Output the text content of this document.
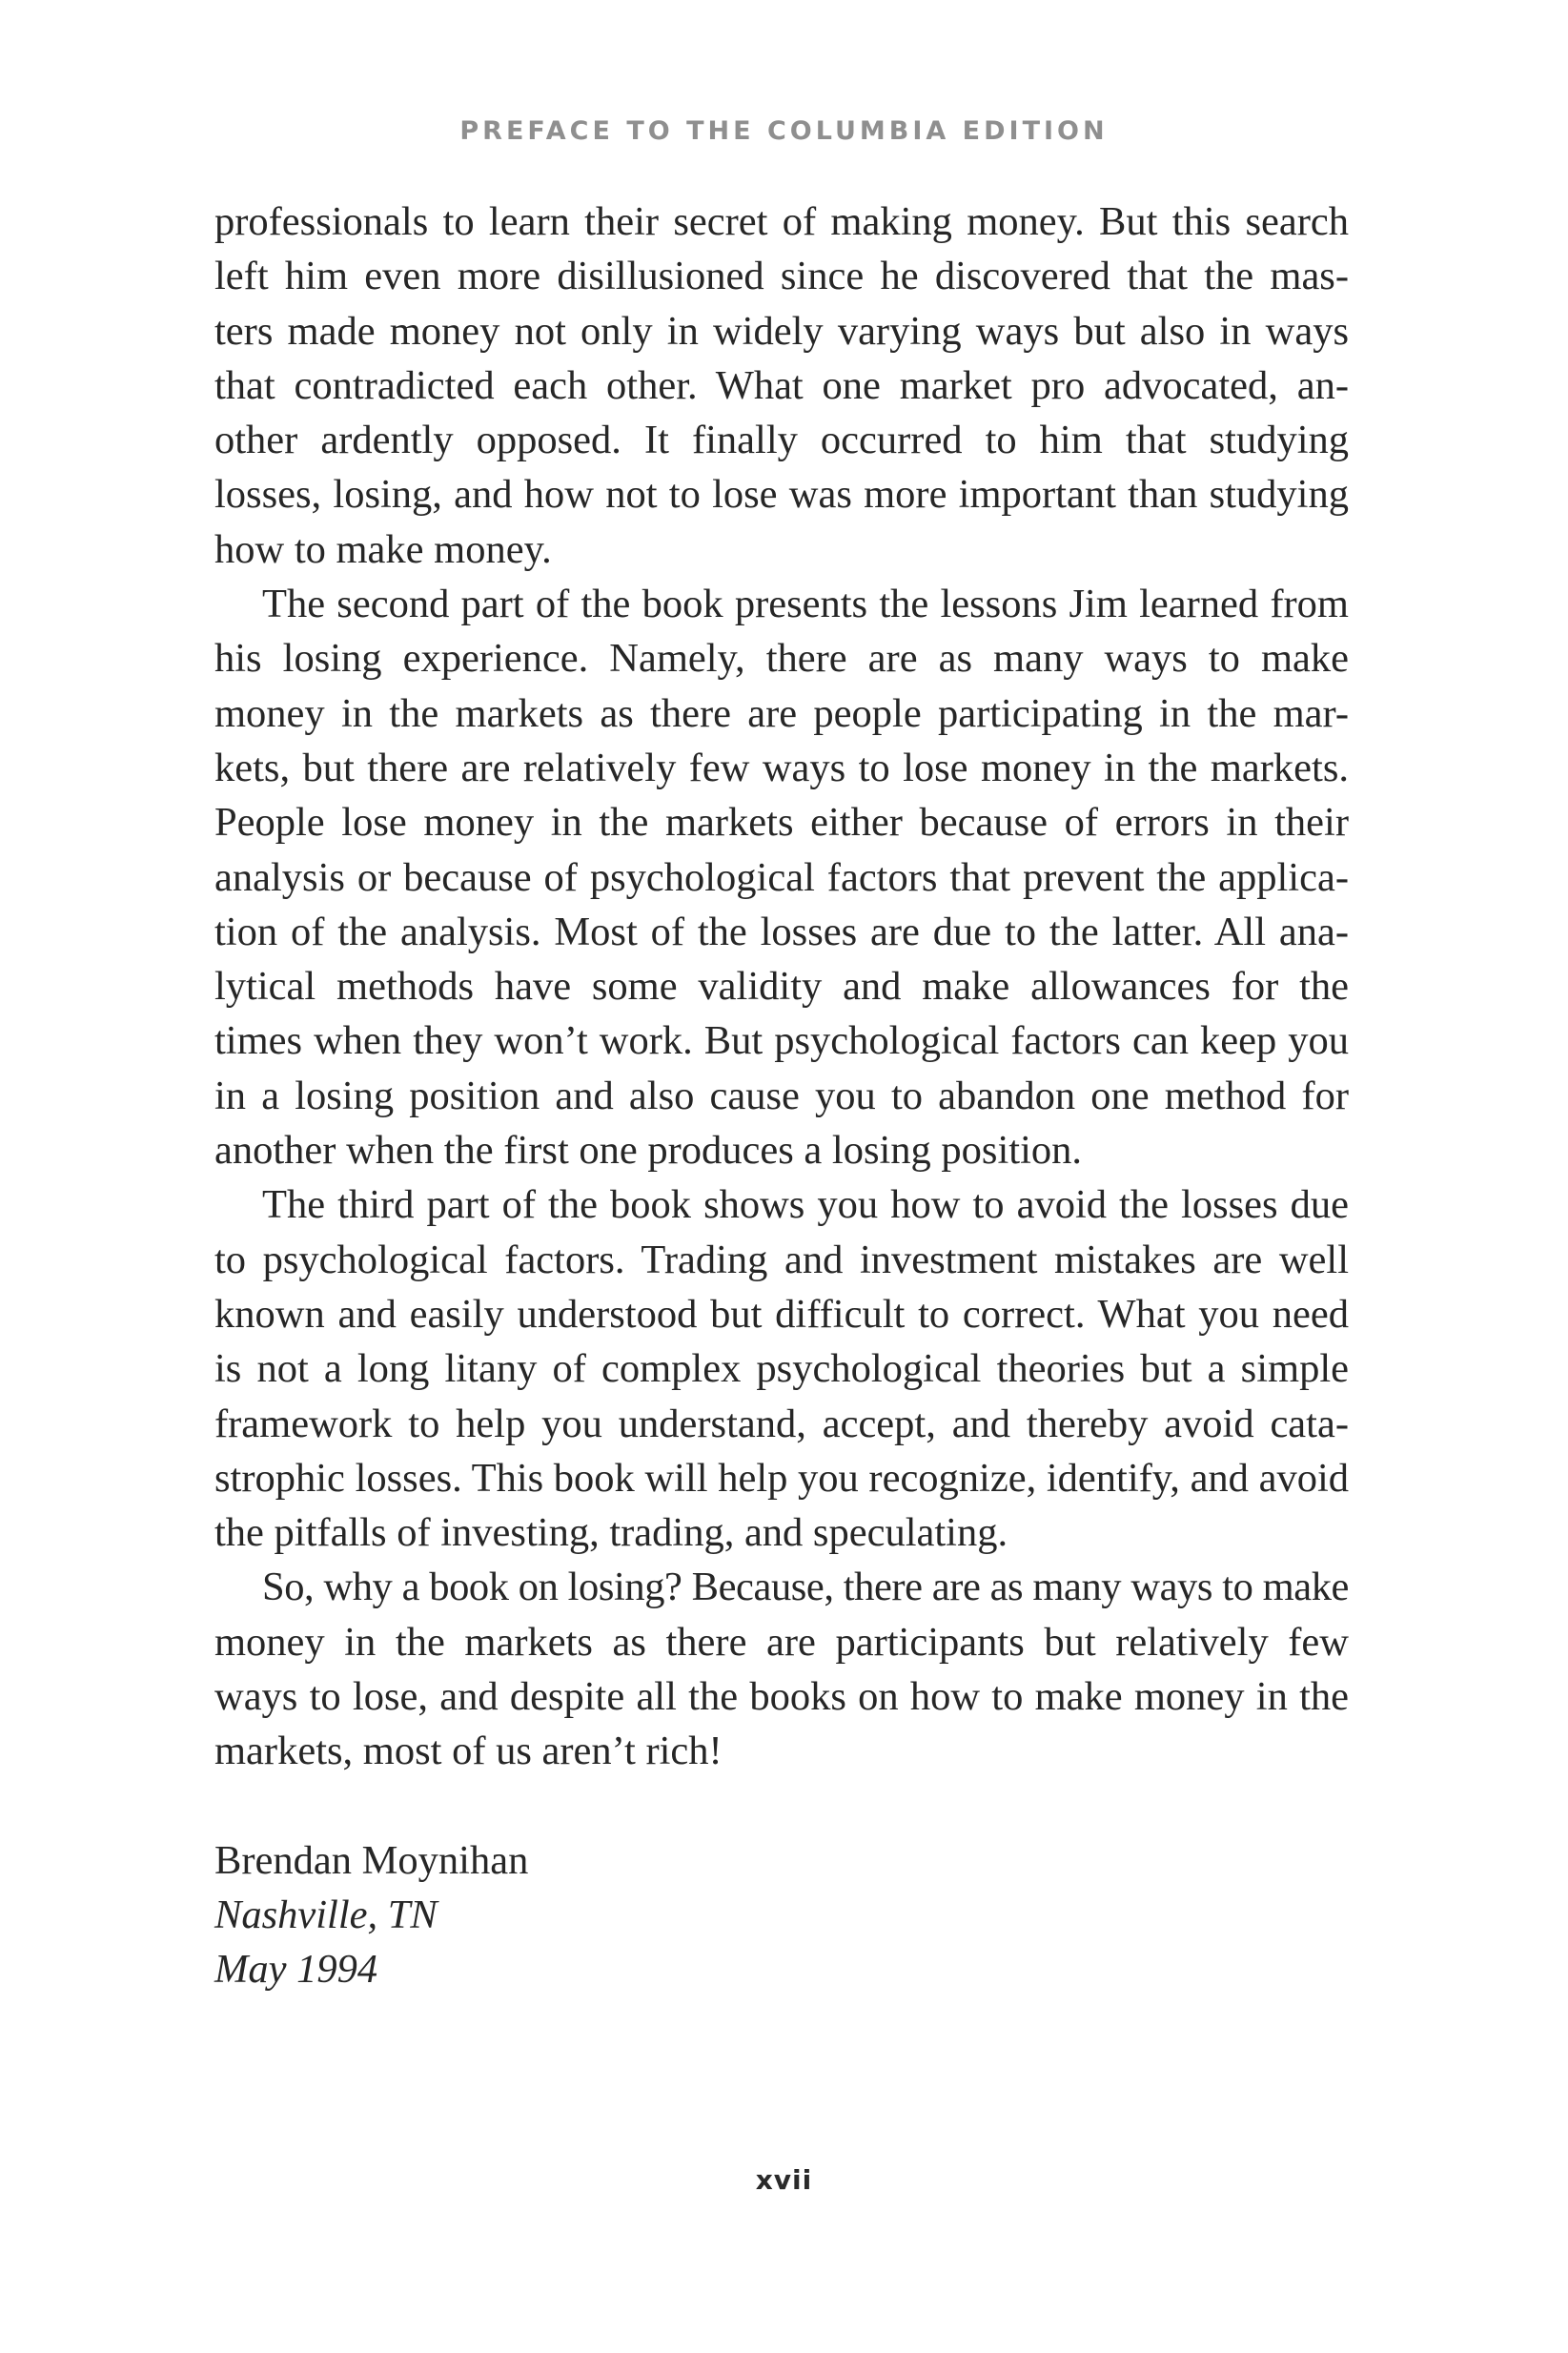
PREFACE TO THE COLUMBIA EDITION
professionals to learn their secret of making money. But this search
left him even more disillusioned since he discovered that the mas-
ters made money not only in widely varying ways but also in ways
that contradicted each other. What one market pro advocated, an-
other ardently opposed. It finally occurred to him that studying
losses, losing, and how not to lose was more important than studying
how to make money.
The second part of the book presents the lessons Jim learned from
his losing experience. Namely, there are as many ways to make
money in the markets as there are people participating in the mar-
kets, but there are relatively few ways to lose money in the markets.
People lose money in the markets either because of errors in their
analysis or because of psychological factors that prevent the applica-
tion of the analysis. Most of the losses are due to the latter. All ana-
lytical methods have some validity and make allowances for the
times when they won’t work. But psychological factors can keep you
in a losing position and also cause you to abandon one method for
another when the first one produces a losing position.
The third part of the book shows you how to avoid the losses due
to psychological factors. Trading and investment mistakes are well
known and easily understood but difficult to correct. What you need
is not a long litany of complex psychological theories but a simple
framework to help you understand, accept, and thereby avoid cata-
strophic losses. This book will help you recognize, identify, and avoid
the pitfalls of investing, trading, and speculating.
So, why a book on losing? Because, there are as many ways to make
money in the markets as there are participants but relatively few
ways to lose, and despite all the books on how to make money in the
markets, most of us aren’t rich!
Brendan Moynihan
Nashville, TN
May 1994
xvii
